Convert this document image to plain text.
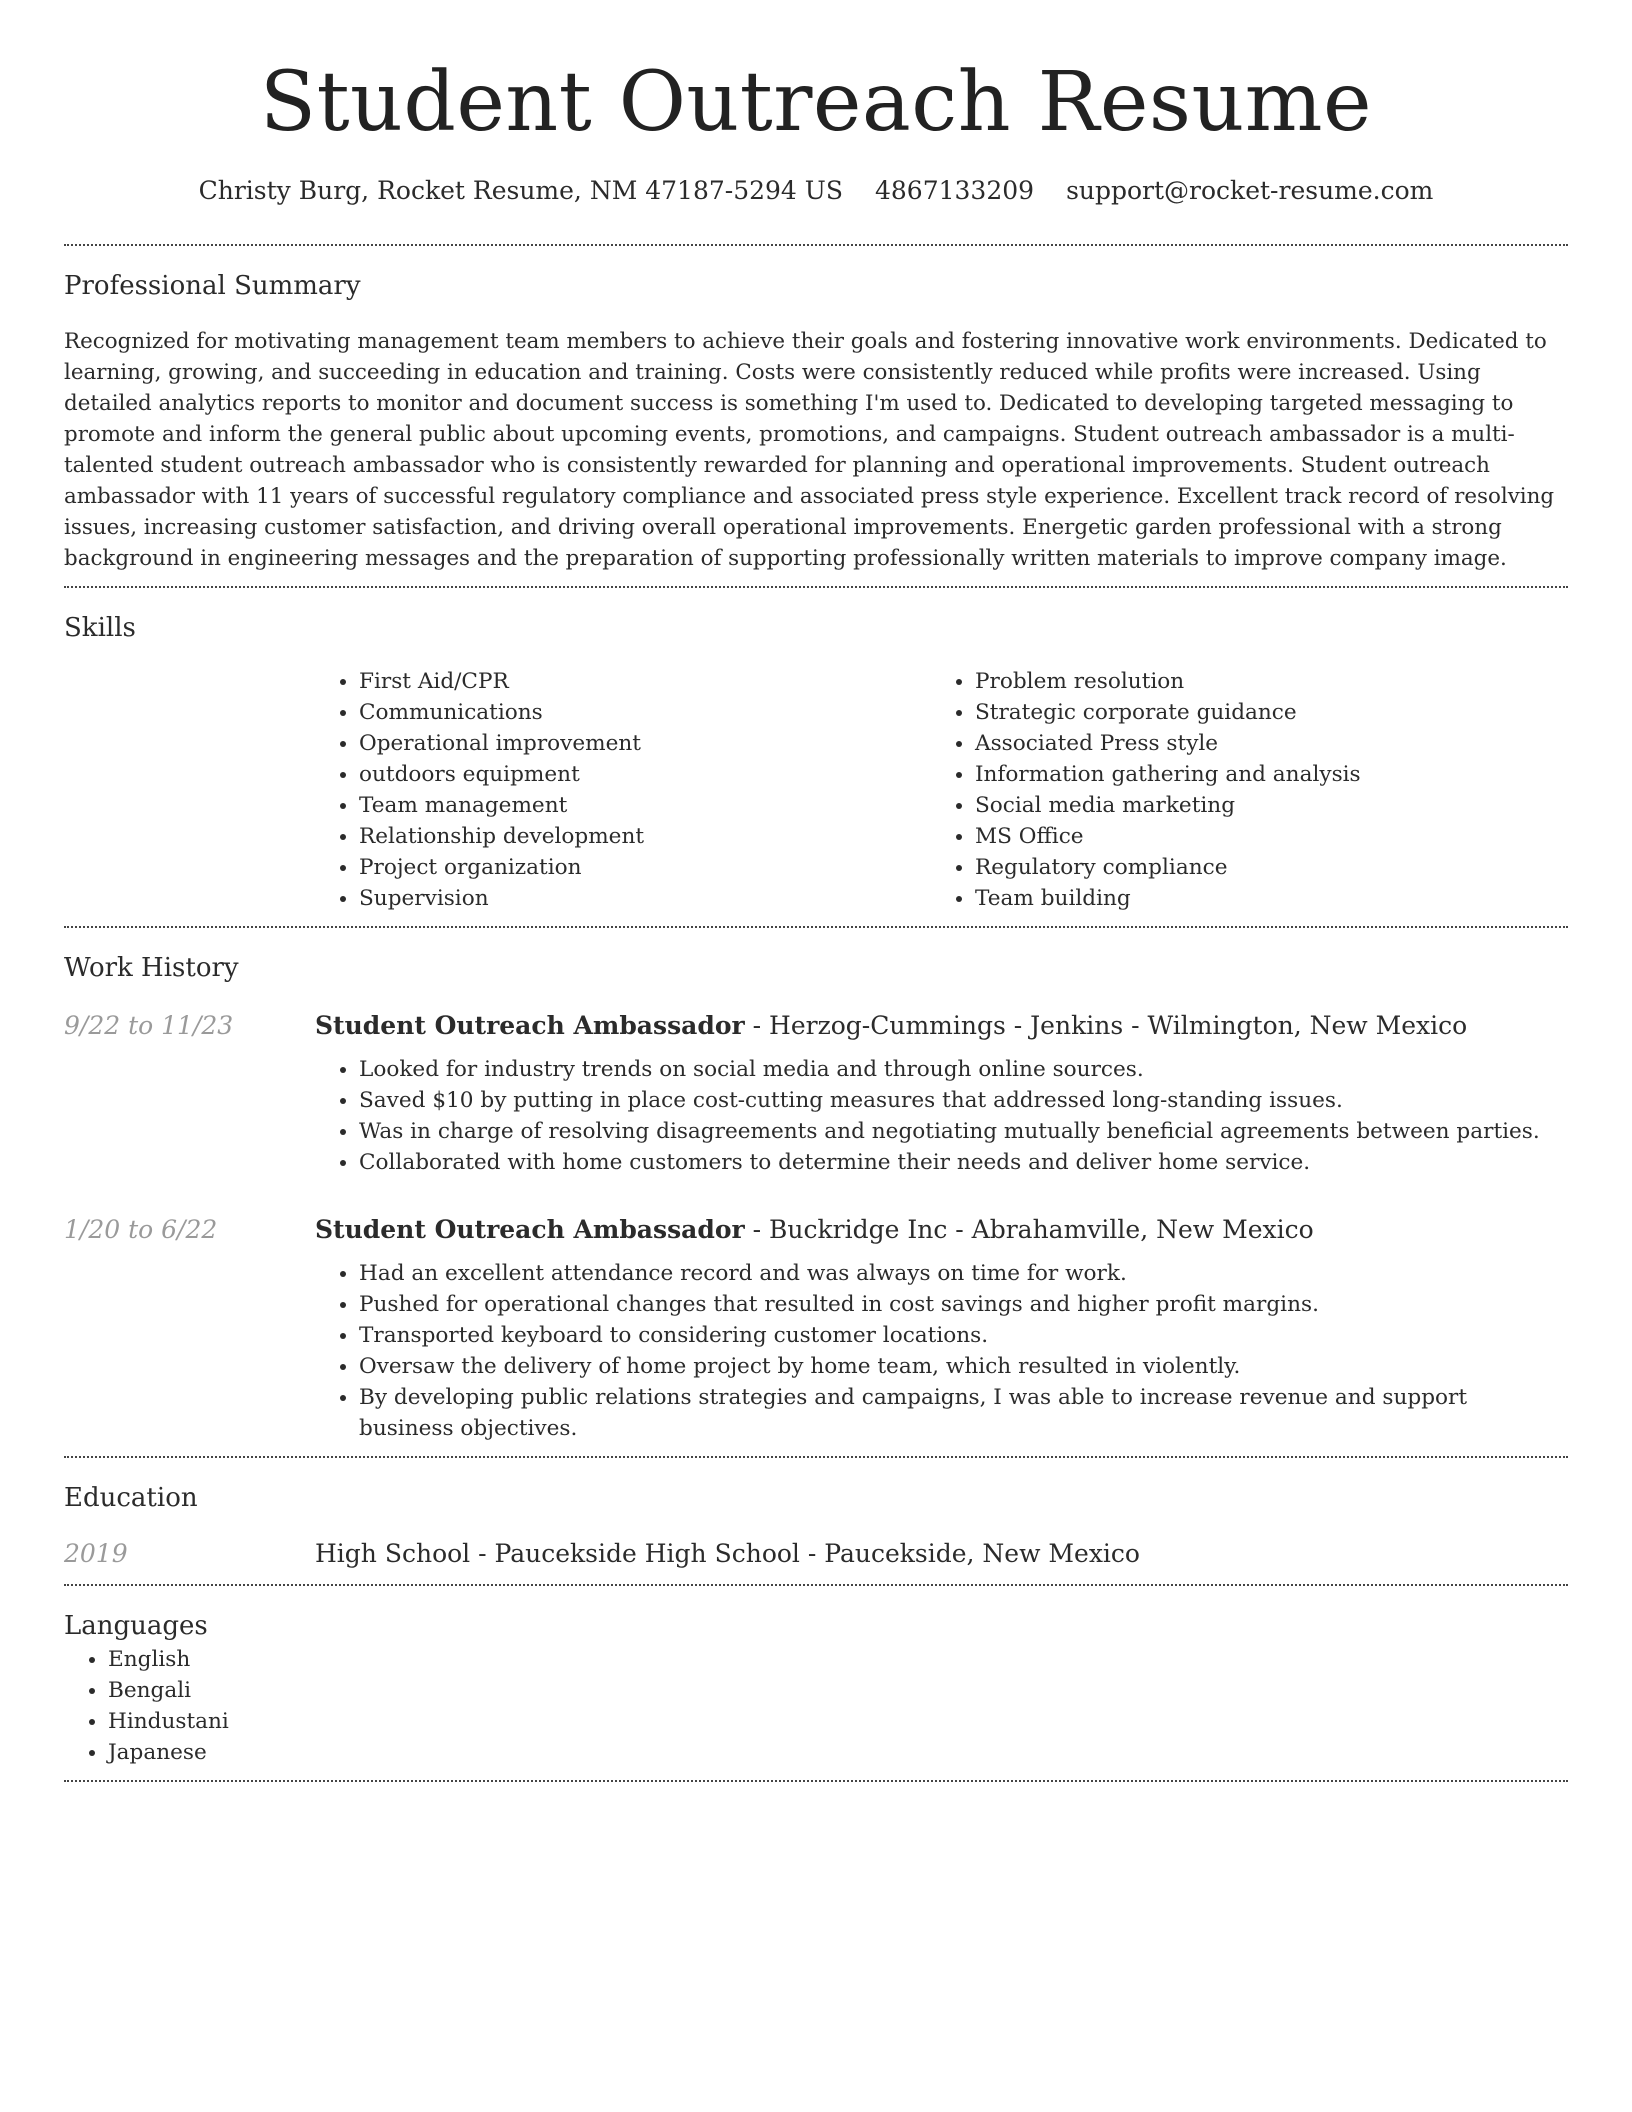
Student Outreach Resume
Christy Burg, Rocket Resume, NM 47187-5294 US 4867133209 support@rocket-resume.com
Professional Summary

Recognized for motivating management team members to achieve their goals and fostering innovative work environments. Dedicated to learning, growing, and succeeding in education and training. Costs were consistently reduced while profits were increased. Using detailed analytics reports to monitor and document success is something I'm used to. Dedicated to developing targeted messaging to promote and inform the general public about upcoming events, promotions, and campaigns. Student outreach ambassador is a multi-talented student outreach ambassador who is consistently rewarded for planning and operational improvements. Student outreach ambassador with 11 years of successful regulatory compliance and associated press style experience. Excellent track record of resolving issues, increasing customer satisfaction, and driving overall operational improvements. Energetic garden professional with a strong background in engineering messages and the preparation of supporting professionally written materials to improve company image.

Skills
• First Aid/CPR
• Communications
• Operational improvement
• outdoors equipment
• Team management
• Relationship development
• Project organization
• Supervision
• Problem resolution
• Strategic corporate guidance
• Associated Press style
• Information gathering and analysis
• Social media marketing
• MS Office
• Regulatory compliance
• Team building
Work History
9/22 to 11/23	Student Outreach Ambassador - Herzog-Cummings - Jenkins - Wilmington, New Mexico

• Looked for industry trends on social media and through online sources.
• Saved $10 by putting in place cost-cutting measures that addressed long-standing issues.
• Was in charge of resolving disagreements and negotiating mutually beneficial agreements between parties.
• Collaborated with home customers to determine their needs and deliver home service.
1/20 to 6/22	Student Outreach Ambassador - Buckridge Inc - Abrahamville, New Mexico

• Had an excellent attendance record and was always on time for work.
• Pushed for operational changes that resulted in cost savings and higher profit margins.
• Transported keyboard to considering customer locations.
• Oversaw the delivery of home project by home team, which resulted in violently.
• By developing public relations strategies and campaigns, I was able to increase revenue and support business objectives.
Education
2019	High School - Paucekside High School - Paucekside, New Mexico

Languages
• English
• Bengali
• Hindustani
• Japanese
